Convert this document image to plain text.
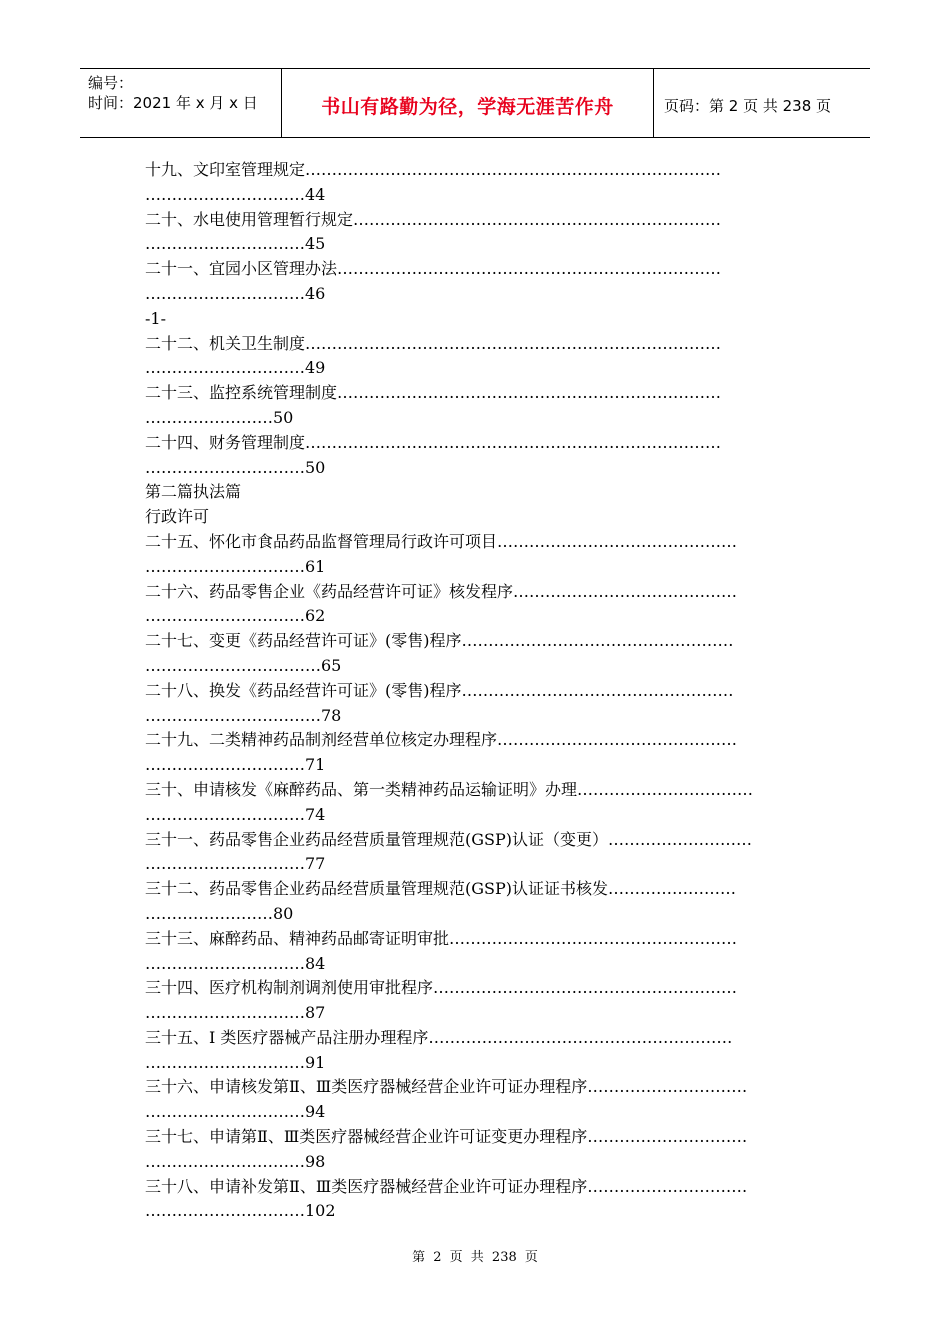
编号：
时间：2021 年 x 月 x 日	书山有路勤为径，学海无涯苦作舟	页码：第 2 页 共 238 页
十九、文印室管理规定……………………………………………………………………
…………………………44
二十、水电使用管理暂行规定……………………………………………………………
…………………………45
二十一、宜园小区管理办法………………………………………………………………
…………………………46
-1-
二十二、机关卫生制度……………………………………………………………………
…………………………49
二十三、监控系统管理制度………………………………………………………………
……………………50
二十四、财务管理制度……………………………………………………………………
…………………………50
第二篇执法篇
行政许可
二十五、怀化市食品药品监督管理局行政许可项目………………………………………
…………………………61
二十六、药品零售企业《药品经营许可证》核发程序……………………………………
…………………………62
二十七、变更《药品经营许可证》(零售)程序……………………………………………
……………………………65
二十八、换发《药品经营许可证》(零售)程序……………………………………………
……………………………78
二十九、二类精神药品制剂经营单位核定办理程序………………………………………
…………………………71
三十、申请核发《麻醉药品、第一类精神药品运输证明》办理……………………………
…………………………74
三十一、药品零售企业药品经营质量管理规范(GSP)认证（变更）………………………
…………………………77
三十二、药品零售企业药品经营质量管理规范(GSP)认证证书核发……………………
……………………80
三十三、麻醉药品、精神药品邮寄证明审批………………………………………………
…………………………84
三十四、医疗机构制剂调剂使用审批程序…………………………………………………
…………………………87
三十五、I 类医疗器械产品注册办理程序…………………………………………………
…………………………91
三十六、申请核发第Ⅱ、Ⅲ类医疗器械经营企业许可证办理程序…………………………
…………………………94
三十七、申请第Ⅱ、Ⅲ类医疗器械经营企业许可证变更办理程序…………………………
…………………………98
三十八、申请补发第Ⅱ、Ⅲ类医疗器械经营企业许可证办理程序…………………………
…………………………102
第 2 页 共 238 页
